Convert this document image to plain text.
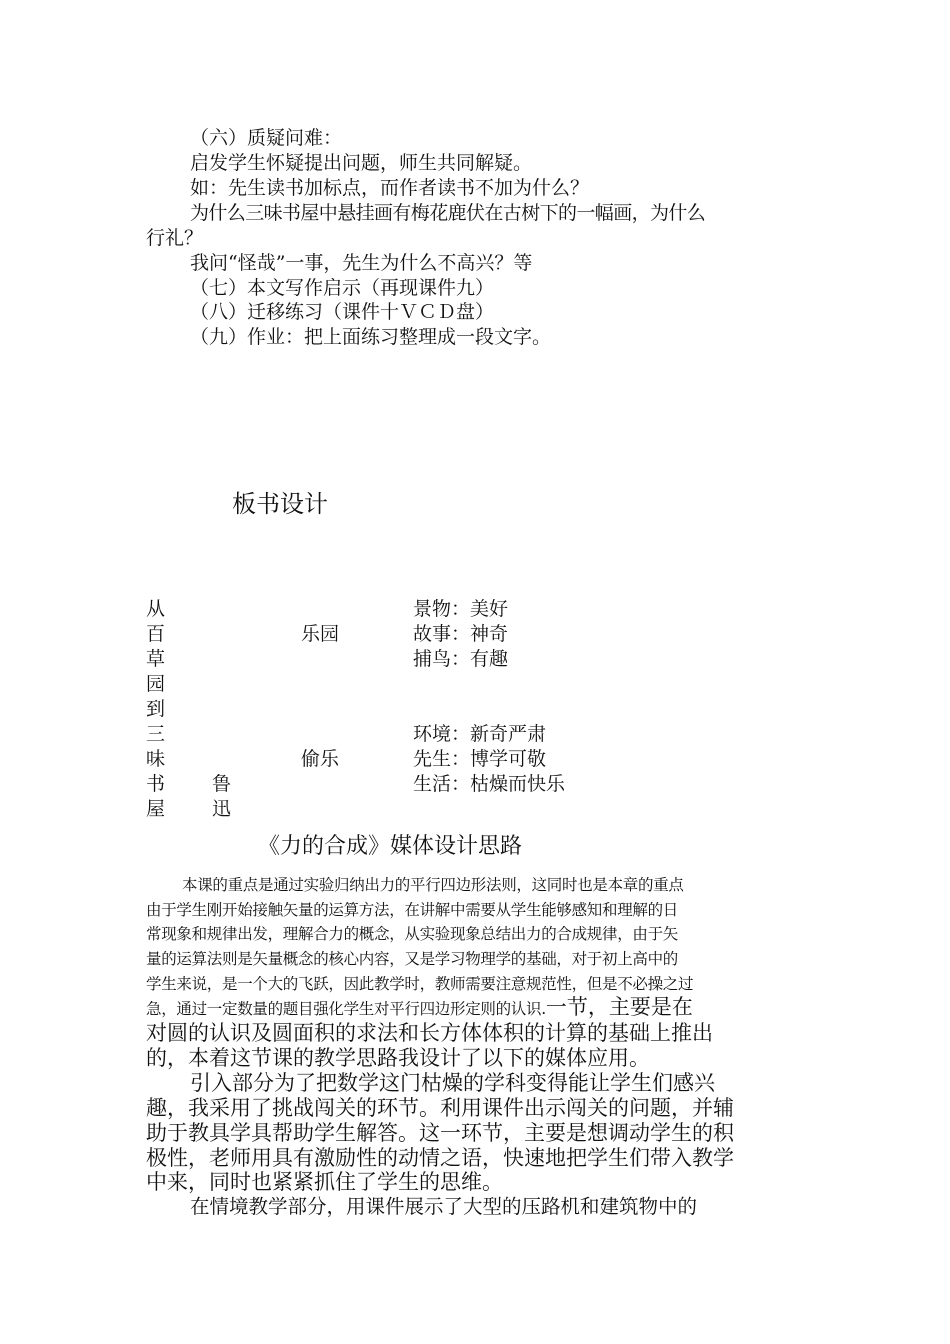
（六）质疑问难：
启发学生怀疑提出问题，师生共同解疑。
如：先生读书加标点，而作者读书不加为什么？
为什么三味书屋中悬挂画有梅花鹿伏在古树下的一幅画，为什么
行礼？
我问“怪哉”一事，先生为什么不高兴？等
（七）本文写作启示（再现课件九）
（八）迁移练习（课件十ＶＣＤ盘）
（九）作业：把上面练习整理成一段文字。
板书设计
从
百
草
园
到
三
味
书
屋
鲁
迅
乐园
偷乐
景物：美好
故事：神奇
捕鸟：有趣
环境：新奇严肃
先生：博学可敬
生活：枯燥而快乐
《力的合成》媒体设计思路
本课的重点是通过实验归纳出力的平行四边形法则，这同时也是本章的重点
由于学生刚开始接触矢量的运算方法，在讲解中需要从学生能够感知和理解的日
常现象和规律出发，理解合力的概念，从实验现象总结出力的合成规律，由于矢
量的运算法则是矢量概念的核心内容，又是学习物理学的基础，对于初上高中的
学生来说，是一个大的飞跃，因此教学时，教师需要注意规范性，但是不必操之过
急，通过一定数量的题目强化学生对平行四边形定则的认识.一节，主要是在
对圆的认识及圆面积的求法和长方体体积的计算的基础上推出
的，本着这节课的教学思路我设计了以下的媒体应用。
引入部分为了把数学这门枯燥的学科变得能让学生们感兴
趣，我采用了挑战闯关的环节。利用课件出示闯关的问题，并辅
助于教具学具帮助学生解答。这一环节，主要是想调动学生的积
极性，老师用具有激励性的动情之语，快速地把学生们带入教学
中来，同时也紧紧抓住了学生的思维。
在情境教学部分，用课件展示了大型的压路机和建筑物中的
